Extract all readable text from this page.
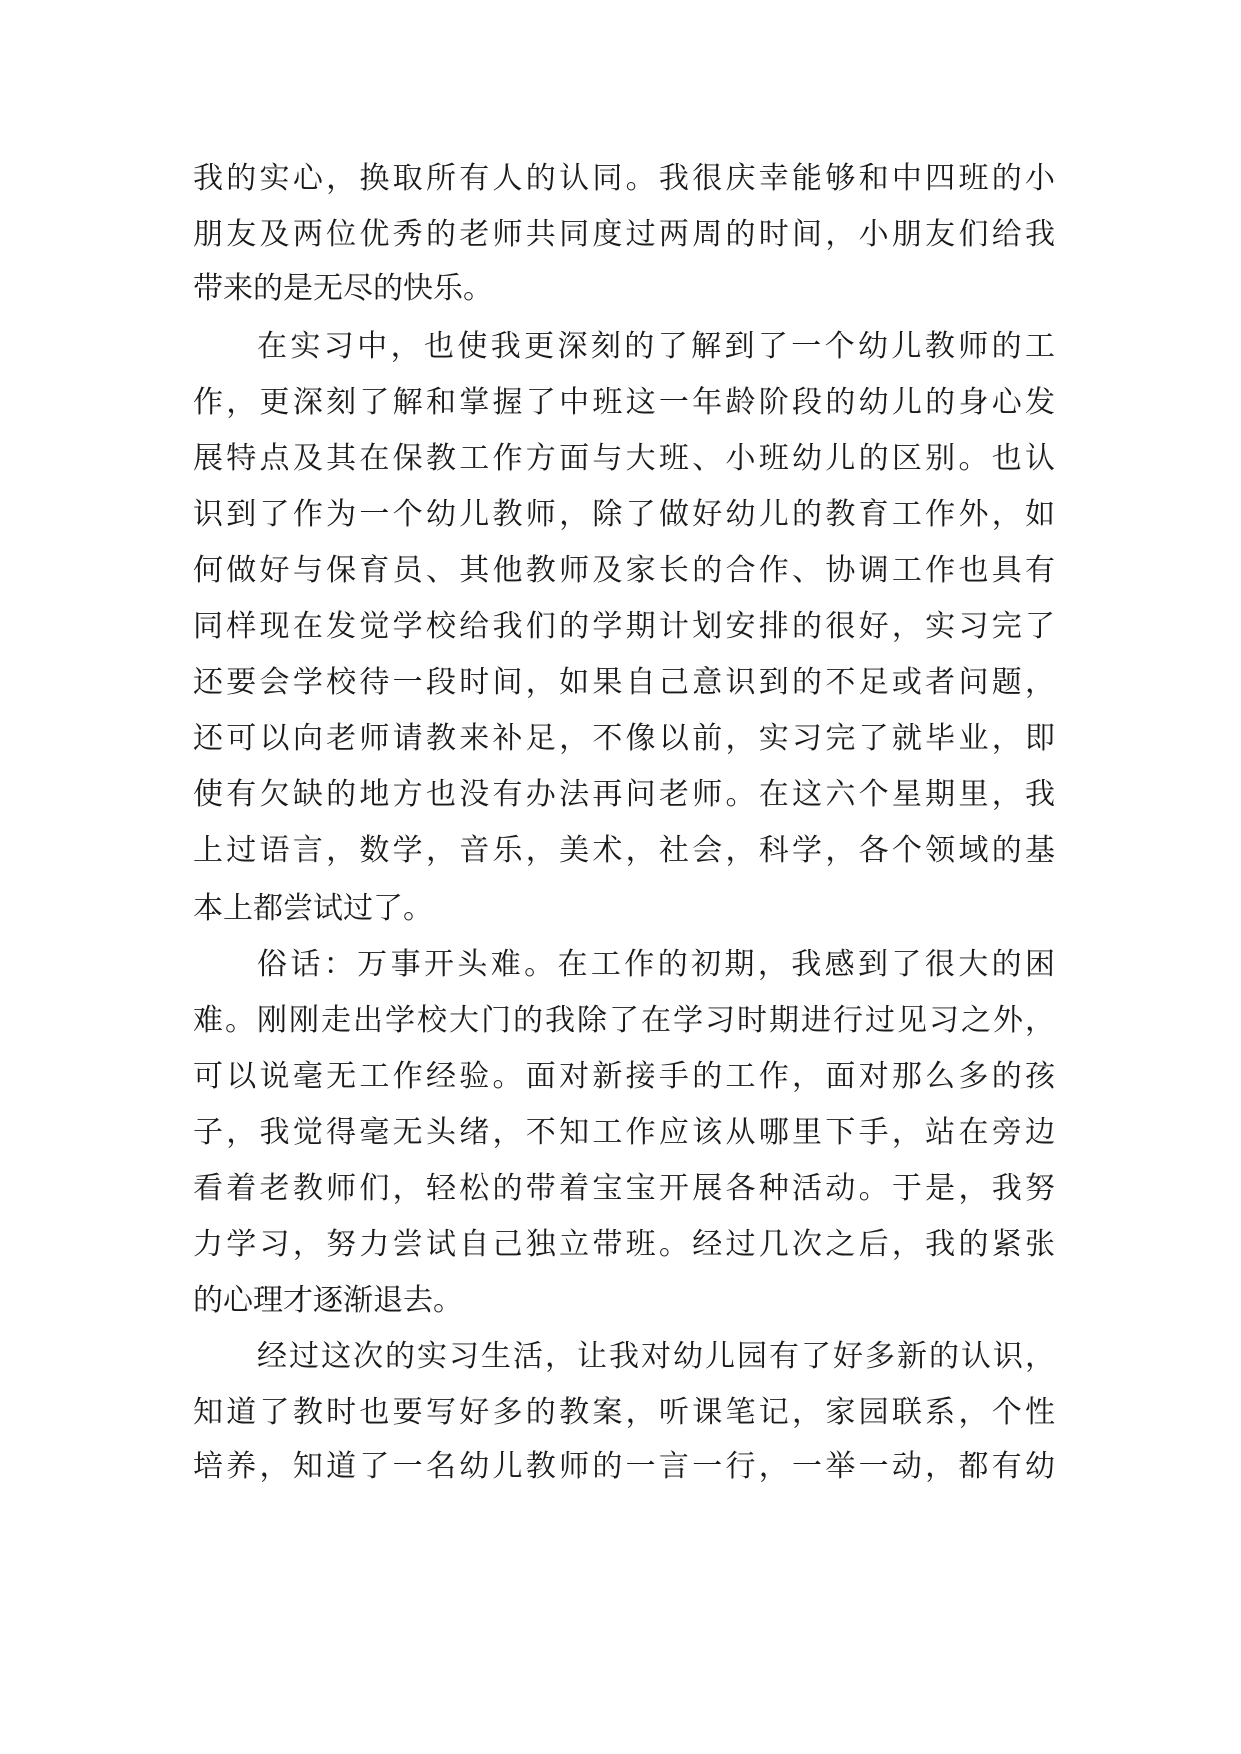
我的实心，换取所有人的认同。我很庆幸能够和中四班的小
朋友及两位优秀的老师共同度过两周的时间，小朋友们给我
带来的是无尽的快乐。
在实习中，也使我更深刻的了解到了一个幼儿教师的工
作，更深刻了解和掌握了中班这一年龄阶段的幼儿的身心发
展特点及其在保教工作方面与大班、小班幼儿的区别。也认
识到了作为一个幼儿教师，除了做好幼儿的教育工作外，如
何做好与保育员、其他教师及家长的合作、协调工作也具有
同样现在发觉学校给我们的学期计划安排的很好，实习完了
还要会学校待一段时间，如果自己意识到的不足或者问题，
还可以向老师请教来补足，不像以前，实习完了就毕业，即
使有欠缺的地方也没有办法再问老师。在这六个星期里，我
上过语言，数学，音乐，美术，社会，科学，各个领域的基
本上都尝试过了。
俗话：万事开头难。在工作的初期，我感到了很大的困
难。刚刚走出学校大门的我除了在学习时期进行过见习之外，
可以说毫无工作经验。面对新接手的工作，面对那么多的孩
子，我觉得毫无头绪，不知工作应该从哪里下手，站在旁边
看着老教师们，轻松的带着宝宝开展各种活动。于是，我努
力学习，努力尝试自己独立带班。经过几次之后，我的紧张
的心理才逐渐退去。
经过这次的实习生活，让我对幼儿园有了好多新的认识，
知道了教时也要写好多的教案，听课笔记，家园联系，个性
培养，知道了一名幼儿教师的一言一行，一举一动，都有幼
